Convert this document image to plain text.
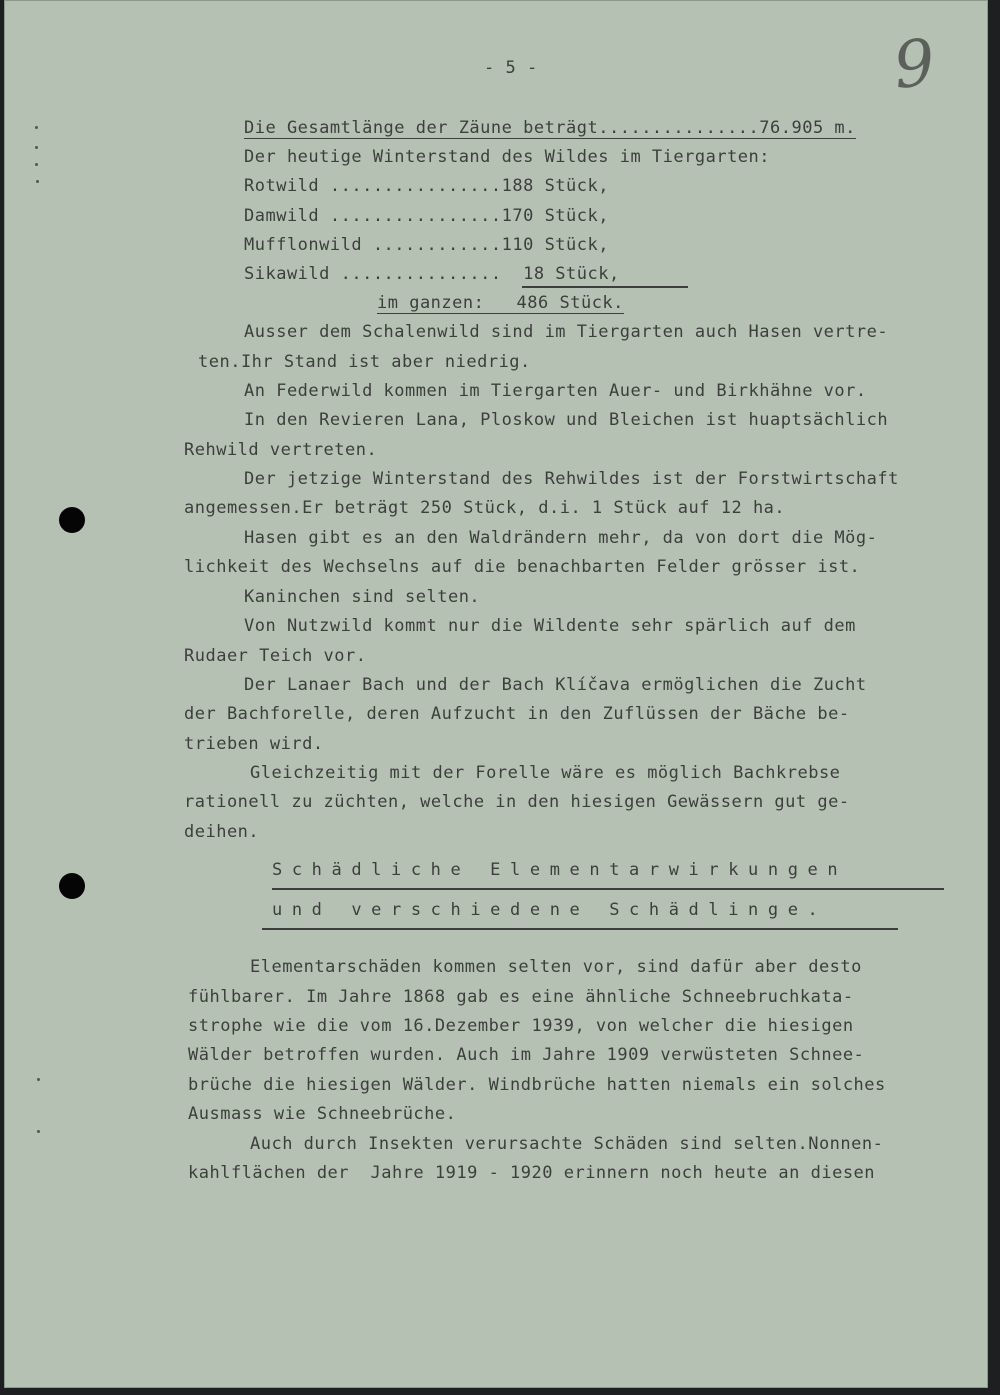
- 5 -	9
Die Gesamtlänge der Zäune beträgt...............76.905 m.
Der heutige Winterstand des Wildes im Tiergarten:
Rotwild ................188 Stück,
Damwild ................170 Stück,
Mufflonwild ............110 Stück,
Sikawild ...............  18 Stück,
im ganzen:   486 Stück.
Ausser dem Schalenwild sind im Tiergarten auch Hasen vertre-
ten.Ihr Stand ist aber niedrig.
An Federwild kommen im Tiergarten Auer- und Birkhähne vor.
In den Revieren Lana, Ploskow und Bleichen ist huaptsächlich
Rehwild vertreten.
Der jetzige Winterstand des Rehwildes ist der Forstwirtschaft
angemessen.Er beträgt 250 Stück, d.i. 1 Stück auf 12 ha.
Hasen gibt es an den Waldrändern mehr, da von dort die Mög-
lichkeit des Wechselns auf die benachbarten Felder grösser ist.
Kaninchen sind selten.
Von Nutzwild kommt nur die Wildente sehr spärlich auf dem
Rudaer Teich vor.
Der Lanaer Bach und der Bach Klíčava ermöglichen die Zucht
der Bachforelle, deren Aufzucht in den Zuflüssen der Bäche be-
trieben wird.
Gleichzeitig mit der Forelle wäre es möglich Bachkrebse
rationell zu züchten, welche in den hiesigen Gewässern gut ge-
deihen.
Schädliche Elementarwirkungen
und verschiedene Schädlinge.
Elementarschäden kommen selten vor, sind dafür aber desto
fühlbarer. Im Jahre 1868 gab es eine ähnliche Schneebruchkata-
strophe wie die vom 16.Dezember 1939, von welcher die hiesigen
Wälder betroffen wurden. Auch im Jahre 1909 verwüsteten Schnee-
brüche die hiesigen Wälder. Windbrüche hatten niemals ein solches
Ausmass wie Schneebrüche.
Auch durch Insekten verursachte Schäden sind selten.Nonnen-
kahlflächen der  Jahre 1919 - 1920 erinnern noch heute an diesen
